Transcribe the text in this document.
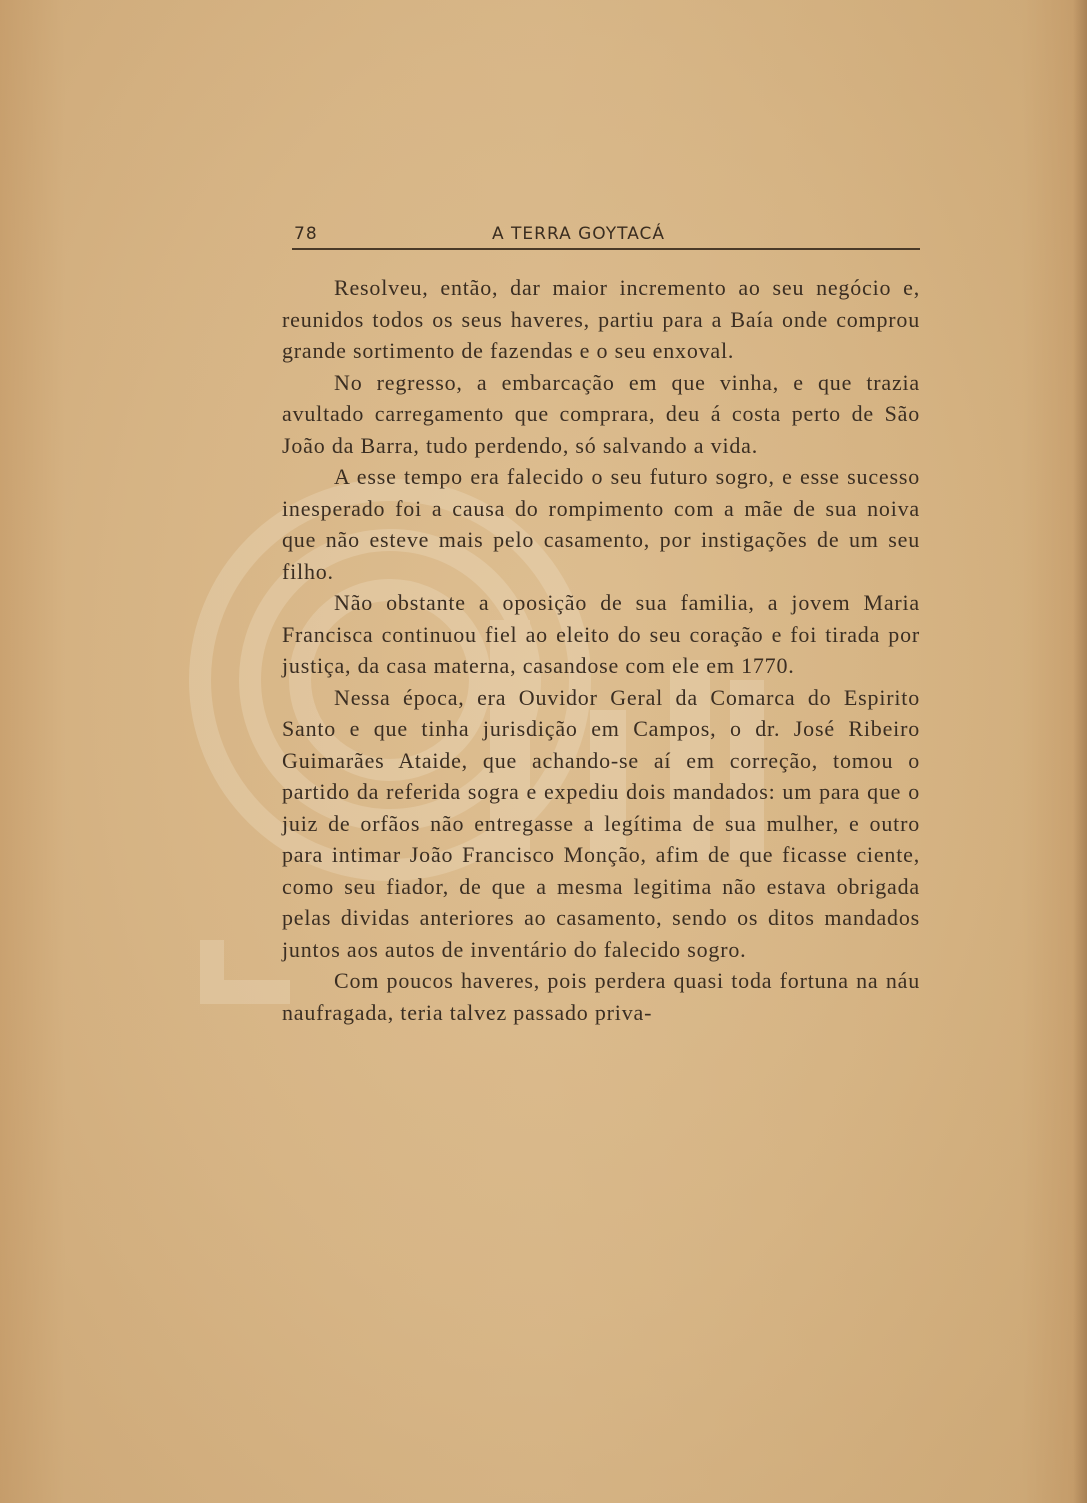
78	A TERRA GOYTACÁ

Resolveu, então, dar maior incremento ao seu negócio e, reunidos todos os seus haveres, partiu para a Baía onde comprou grande sortimento de fazendas e o seu enxoval.

No regresso, a embarcação em que vinha, e que trazia avultado carregamento que comprara, deu á costa perto de São João da Barra, tudo perdendo, só salvando a vida.

A esse tempo era falecido o seu futuro sogro, e esse sucesso inesperado foi a causa do rompimento com a mãe de sua noiva que não esteve mais pelo casamento, por instigações de um seu filho.

Não obstante a oposição de sua familia, a jovem Maria Francisca continuou fiel ao eleito do seu coração e foi tirada por justiça, da casa materna, casandose com ele em 1770.

Nessa época, era Ouvidor Geral da Comarca do Espirito Santo e que tinha jurisdição em Campos, o dr. José Ribeiro Guimarães Ataide, que achando-se aí em correção, tomou o partido da referida sogra e expediu dois mandados: um para que o juiz de orfãos não entregasse a legítima de sua mulher, e outro para intimar João Francisco Monção, afim de que ficasse ciente, como seu fiador, de que a mesma legitima não estava obrigada pelas dividas anteriores ao casamento, sendo os ditos mandados juntos aos autos de inventário do falecido sogro.

Com poucos haveres, pois perdera quasi toda fortuna na náu naufragada, teria talvez passado priva-
